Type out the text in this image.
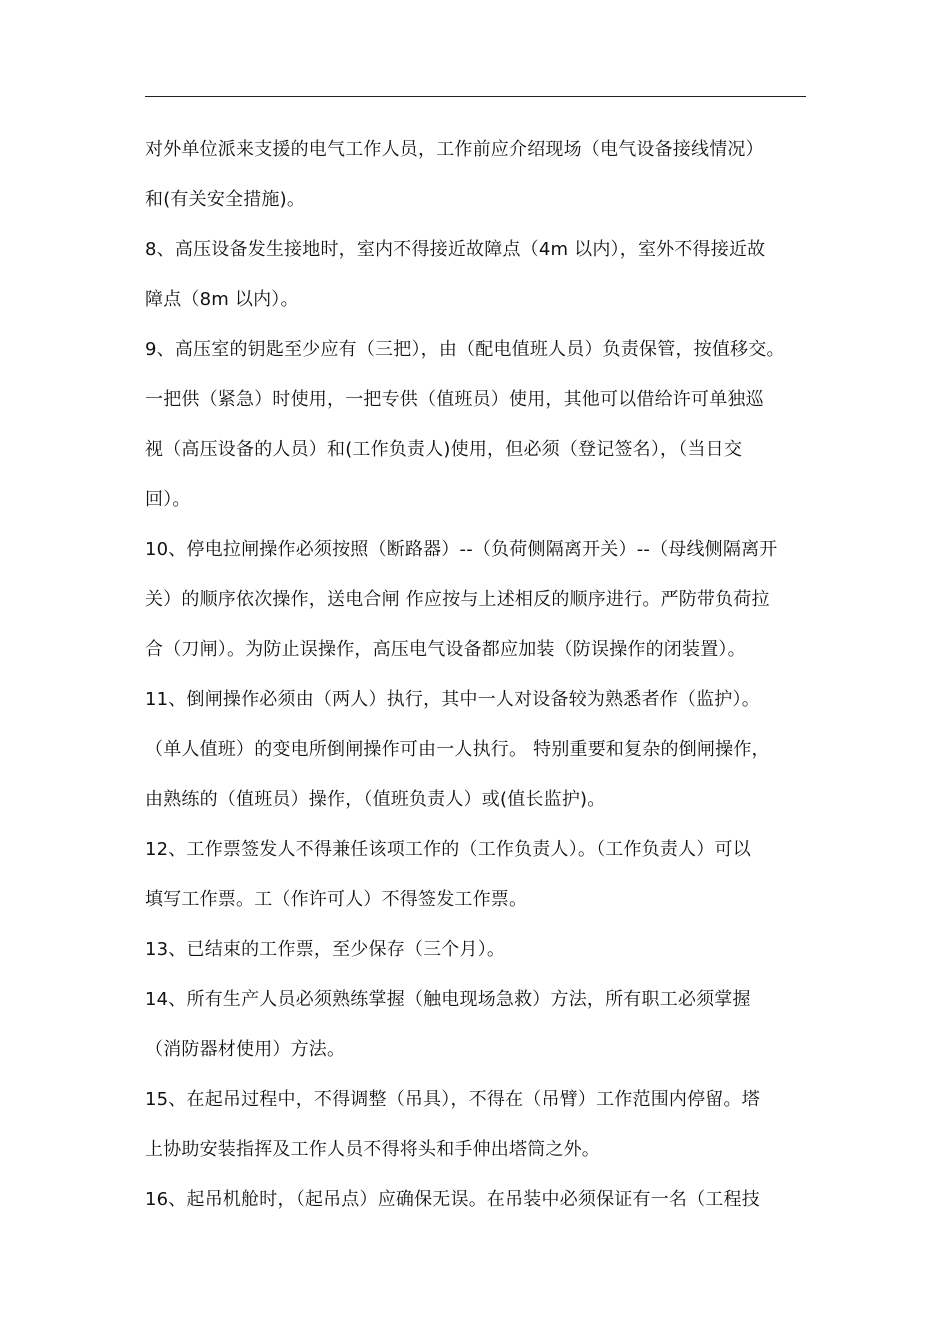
对外单位派来支援的电气工作人员，工作前应介绍现场（电气设备接线情况）
和(有关安全措施)。
8、高压设备发生接地时，室内不得接近故障点（4m 以内），室外不得接近故
障点（8m 以内）。
9、高压室的钥匙至少应有（三把），由（配电值班人员）负责保管，按值移交。
一把供（紧急）时使用，一把专供（值班员）使用，其他可以借给许可单独巡
视（高压设备的人员）和(工作负责人)使用，但必须（登记签名），（当日交
回）。
10、停电拉闸操作必须按照（断路器）--（负荷侧隔离开关）--（母线侧隔离开
关）的顺序依次操作，送电合闸 作应按与上述相反的顺序进行。严防带负荷拉
合（刀闸）。为防止误操作，高压电气设备都应加装（防误操作的闭装置）。
11、倒闸操作必须由（两人）执行，其中一人对设备较为熟悉者作（监护）。
（单人值班）的变电所倒闸操作可由一人执行。 特别重要和复杂的倒闸操作，
由熟练的（值班员）操作，（值班负责人）或(值长监护)。
12、工作票签发人不得兼任该项工作的（工作负责人）。（工作负责人）可以
填写工作票。工（作许可人）不得签发工作票。
13、已结束的工作票，至少保存（三个月）。
14、所有生产人员必须熟练掌握（触电现场急救）方法，所有职工必须掌握
（消防器材使用）方法。
15、在起吊过程中，不得调整（吊具），不得在（吊臂）工作范围内停留。塔
上协助安装指挥及工作人员不得将头和手伸出塔筒之外。
16、起吊机舱时，（起吊点）应确保无误。在吊装中必须保证有一名（工程技
